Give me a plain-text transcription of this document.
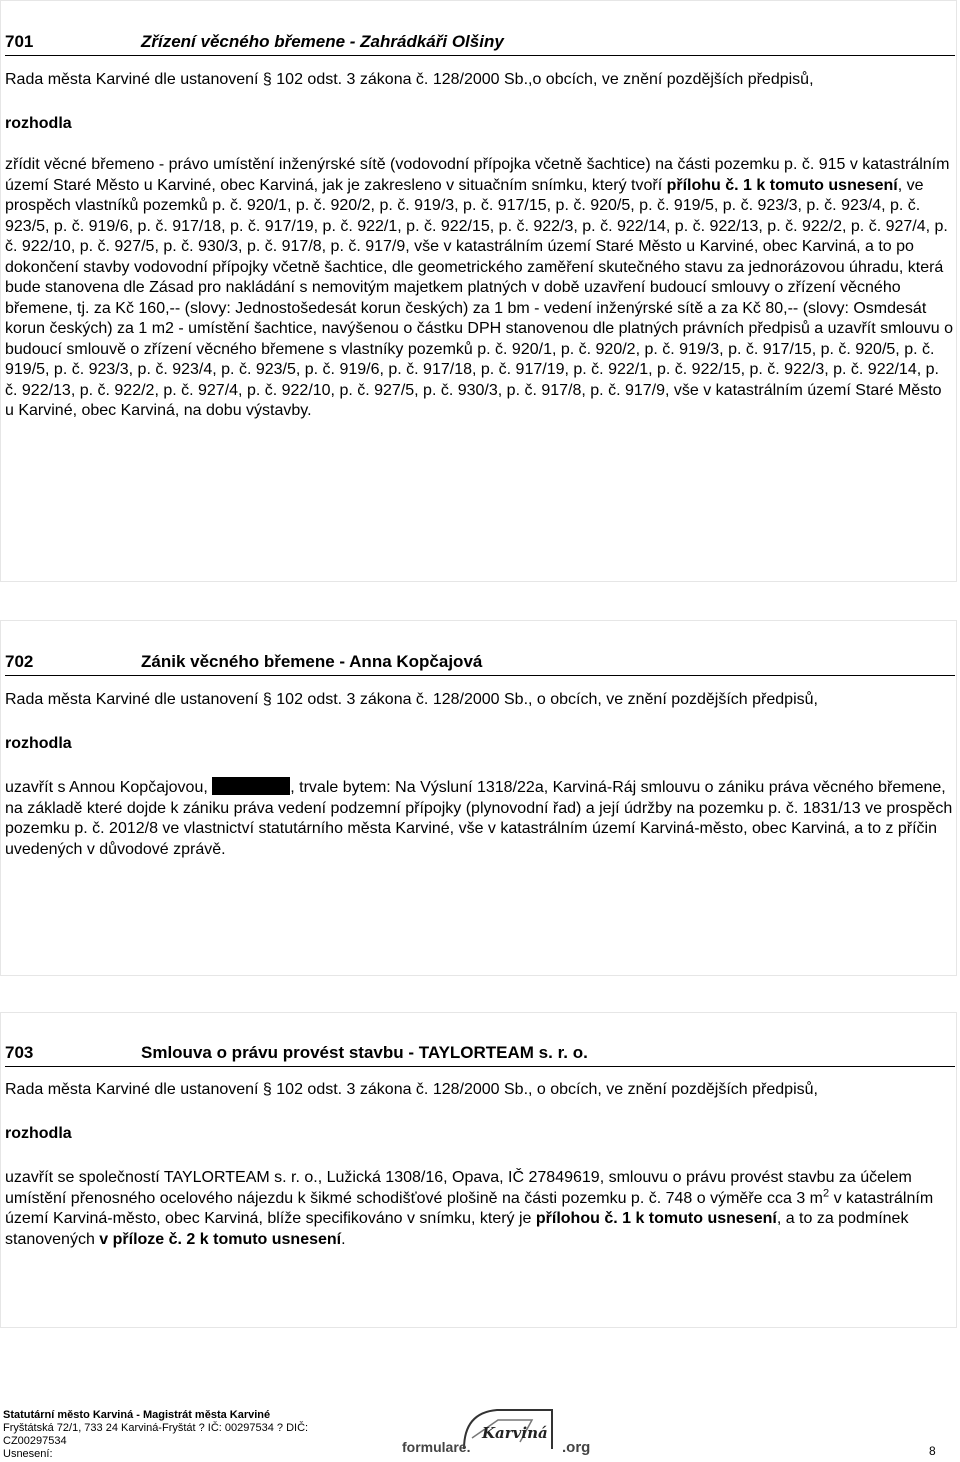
701	Zřízení věcného břemene - Zahrádkáři Olšiny

Rada města Karviné dle ustanovení § 102 odst. 3 zákona č. 128/2000 Sb.,o obcích, ve znění pozdějších předpisů,

rozhodla

zřídit věcné břemeno - právo umístění inženýrské sítě (vodovodní přípojka včetně šachtice) na části pozemku p. č. 915 v katastrálním území Staré Město u Karviné, obec Karviná, jak je zakresleno v situačním snímku, který tvoří přílohu č. 1 k tomuto usnesení, ve prospěch vlastníků pozemků p. č. 920/1, p. č. 920/2, p. č. 919/3, p. č. 917/15, p. č. 920/5, p. č. 919/5, p. č. 923/3, p. č. 923/4, p. č. 923/5, p. č. 919/6, p. č. 917/18, p. č. 917/19, p. č. 922/1, p. č. 922/15, p. č. 922/3, p. č. 922/14, p. č. 922/13, p. č. 922/2, p. č. 927/4, p. č. 922/10, p. č. 927/5, p. č. 930/3, p. č. 917/8, p. č. 917/9, vše v katastrálním území Staré Město u Karviné, obec Karviná, a to po dokončení stavby vodovodní přípojky včetně šachtice, dle geometrického zaměření skutečného stavu za jednorázovou úhradu, která bude stanovena dle Zásad pro nakládání s nemovitým majetkem platných v době uzavření budoucí smlouvy o zřízení věcného břemene, tj. za Kč 160,-- (slovy: Jednostošedesát korun českých) za 1 bm - vedení inženýrské sítě a za Kč 80,-- (slovy: Osmdesát korun českých) za 1 m2 - umístění šachtice, navýšenou o částku DPH stanovenou dle platných právních předpisů a uzavřít smlouvu o budoucí smlouvě o zřízení věcného břemene s vlastníky pozemků p. č. 920/1, p. č. 920/2, p. č. 919/3, p. č. 917/15, p. č. 920/5, p. č. 919/5, p. č. 923/3, p. č. 923/4, p. č. 923/5, p. č. 919/6, p. č. 917/18, p. č. 917/19, p. č. 922/1, p. č. 922/15, p. č. 922/3, p. č. 922/14, p. č. 922/13, p. č. 922/2, p. č. 927/4, p. č. 922/10, p. č. 927/5, p. č. 930/3, p. č. 917/8, p. č. 917/9, vše v katastrálním území Staré Město u Karviné, obec Karviná, na dobu výstavby.

702	Zánik věcného břemene - Anna Kopčajová

Rada města Karviné dle ustanovení § 102 odst. 3 zákona č. 128/2000 Sb., o obcích, ve znění pozdějších předpisů,

rozhodla

uzavřít s Annou Kopčajovou,	, trvale bytem: Na Výsluní 1318/22a, Karviná-Ráj smlouvu o zániku práva věcného břemene, na základě které dojde k zániku práva vedení podzemní přípojky (plynovodní řad) a její údržby na pozemku p. č. 1831/13 ve prospěch pozemku p. č. 2012/8 ve vlastnictví statutárního města Karviné, vše v katastrálním území Karviná-město, obec Karviná, a to z příčin uvedených v důvodové zprávě.

703	Smlouva o právu provést stavbu - TAYLORTEAM s. r. o.

Rada města Karviné dle ustanovení § 102 odst. 3 zákona č. 128/2000 Sb., o obcích, ve znění pozdějších předpisů,

rozhodla

uzavřít se společností TAYLORTEAM s. r. o., Lužická 1308/16, Opava, IČ 27849619, smlouvu o právu provést stavbu za účelem umístění přenosného ocelového nájezdu k šikmé schodišťové plošině na části pozemku p. č. 748 o výměře cca 3 $m^2$ v katastrálním území Karviná-město, obec Karviná, blíže specifikováno v snímku, který je přílohou č. 1 k tomuto usnesení, a to za podmínek stanovených v příloze č. 2 k tomuto usnesení.

Statutární město Karviná - Magistrát města Karviné
Fryštátská 72/1, 733 24 Karviná-Fryštát ? IČ: 00297534 ? DIČ:
CZ00297534
Usnesení:
Karviná
formulare.	.org	8
